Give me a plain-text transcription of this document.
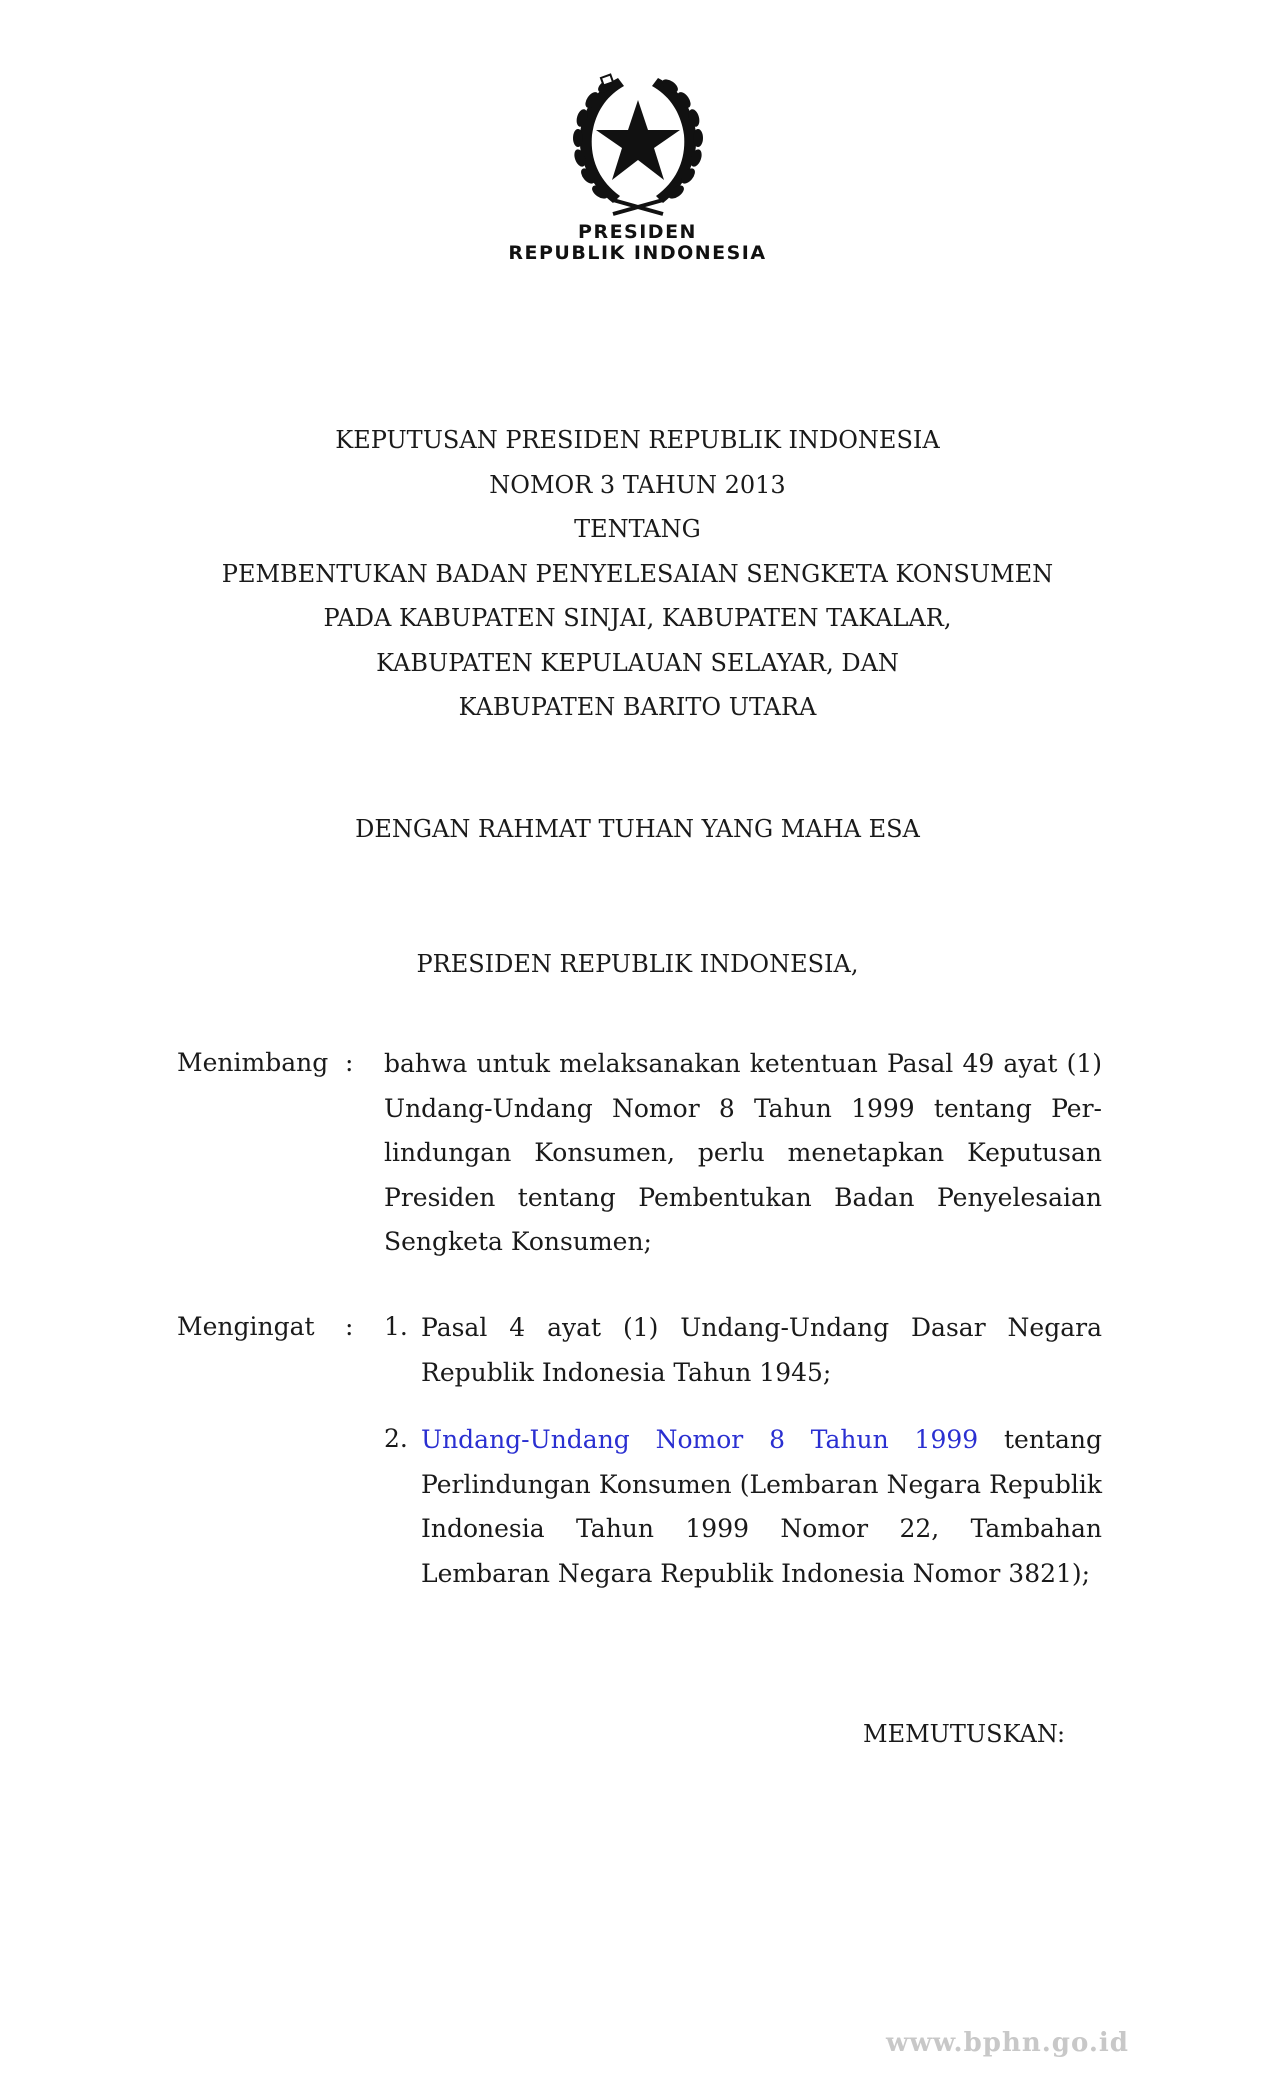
PRESIDEN
REPUBLIK INDONESIA
KEPUTUSAN PRESIDEN REPUBLIK INDONESIA
NOMOR 3 TAHUN 2013
TENTANG
PEMBENTUKAN BADAN PENYELESAIAN SENGKETA KONSUMEN
PADA KABUPATEN SINJAI, KABUPATEN TAKALAR,
KABUPATEN KEPULAUAN SELAYAR, DAN
KABUPATEN BARITO UTARA
DENGAN RAHMAT TUHAN YANG MAHA ESA
PRESIDEN REPUBLIK INDONESIA,
Menimbang : bahwa untuk melaksanakan ketentuan Pasal 49 ayat (1) Undang-Undang Nomor 8 Tahun 1999 tentang Per- lindungan Konsumen, perlu menetapkan Keputusan Presiden tentang Pembentukan Badan Penyelesaian Sengketa Konsumen;
Mengingat : 1. Pasal 4 ayat (1) Undang-Undang Dasar Negara Republik Indonesia Tahun 1945;
2. Undang-Undang Nomor 8 Tahun 1999 tentang Perlindungan Konsumen (Lembaran Negara Republik Indonesia Tahun 1999 Nomor 22, Tambahan Lembaran Negara Republik Indonesia Nomor 3821);
MEMUTUSKAN:
www.bphn.go.id
